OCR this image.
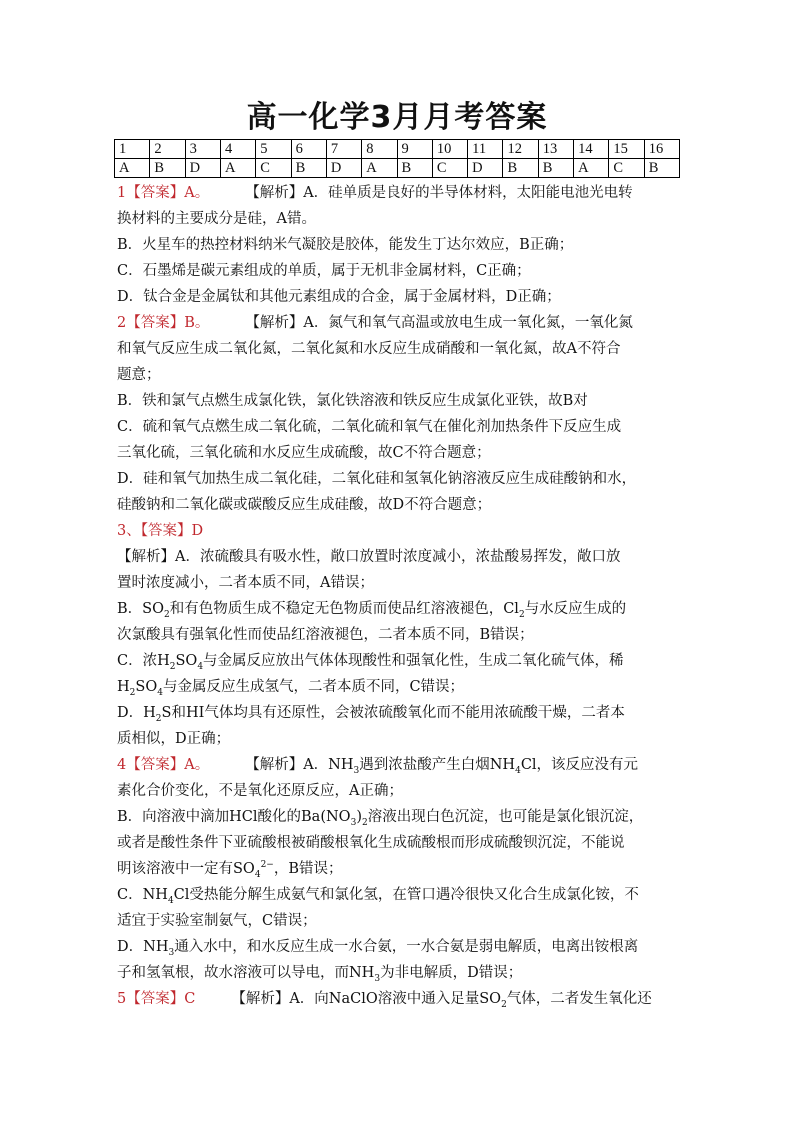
高一化学3月月考答案
1	2	3	4	5	6	7	8	9	10	11	12	13	14	15	16
A	B	D	A	C	B	D	A	B	C	D	B	B	A	C	B

1【答案】A。 【解析】A．硅单质是良好的半导体材料，太阳能电池光电转

换材料的主要成分是硅，A错。

B．火星车的热控材料纳米气凝胶是胶体，能发生丁达尔效应，B正确；

C．石墨烯是碳元素组成的单质，属于无机非金属材料，C正确；

D．钛合金是金属钛和其他元素组成的合金，属于金属材料，D正确；

2【答案】B。 【解析】A．氮气和氧气高温或放电生成一氧化氮，一氧化氮

和氧气反应生成二氧化氮，二氧化氮和水反应生成硝酸和一氧化氮，故A不符合

题意；

B．铁和氯气点燃生成氯化铁，氯化铁溶液和铁反应生成氯化亚铁，故B对

C．硫和氧气点燃生成二氧化硫，二氧化硫和氧气在催化剂加热条件下反应生成

三氧化硫，三氧化硫和水反应生成硫酸，故C不符合题意；

D．硅和氧气加热生成二氧化硅，二氧化硅和氢氧化钠溶液反应生成硅酸钠和水，

硅酸钠和二氧化碳或碳酸反应生成硅酸，故D不符合题意；

3、【答案】D

【解析】A．浓硫酸具有吸水性，敞口放置时浓度减小，浓盐酸易挥发，敞口放

置时浓度减小，二者本质不同，A错误；

B．$SO_2$和有色物质生成不稳定无色物质而使品红溶液褪色，$Cl_2$与水反应生成的

次氯酸具有强氧化性而使品红溶液褪色，二者本质不同，B错误；

C．浓$H_2SO_4$与金属反应放出气体体现酸性和强氧化性，生成二氧化硫气体，稀

$H_2SO_4$与金属反应生成氢气，二者本质不同，C错误；

D．$H_2S$和HI气体均具有还原性，会被浓硫酸氧化而不能用浓硫酸干燥，二者本

质相似，D正确；

4【答案】A。 【解析】A．$NH_3$遇到浓盐酸产生白烟$NH_4Cl$，该反应没有元

素化合价变化，不是氧化还原反应，A正确；

B．向溶液中滴加HCl酸化的$Ba(NO_3)_2$溶液出现白色沉淀，也可能是氯化银沉淀，

或者是酸性条件下亚硫酸根被硝酸根氧化生成硫酸根而形成硫酸钡沉淀，不能说

明该溶液中一定有$SO_4^{2-}$，B错误；

C．$NH_4Cl$受热能分解生成氨气和氯化氢，在管口遇冷很快又化合生成氯化铵，不

适宜于实验室制氨气，C错误；

D．$NH_3$通入水中，和水反应生成一水合氨，一水合氨是弱电解质，电离出铵根离

子和氢氧根，故水溶液可以导电，而$NH_3$为非电解质，D错误；

5【答案】C 【解析】A．向NaClO溶液中通入足量$SO_2$气体，二者发生氧化还
